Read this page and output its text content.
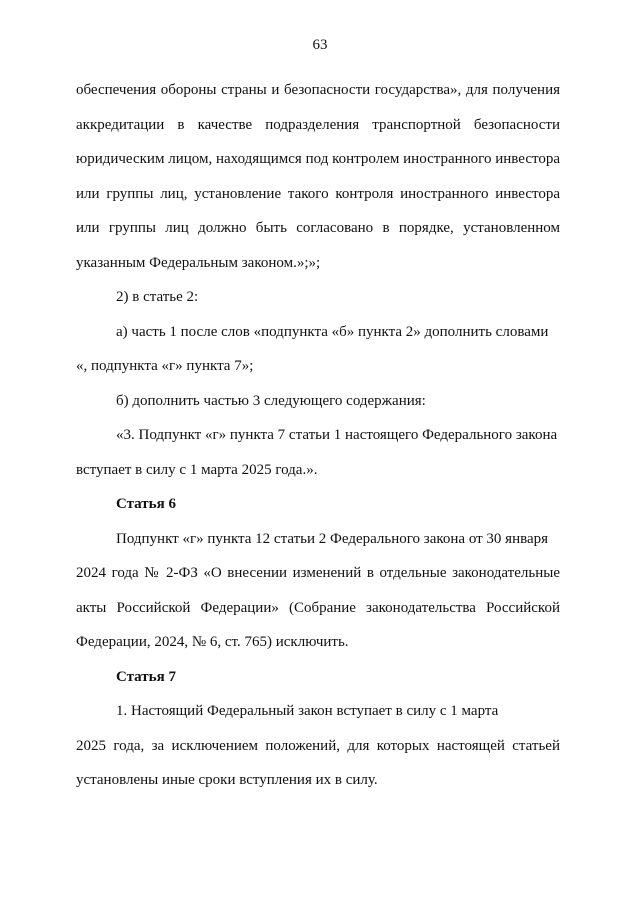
63

обеспечения обороны страны и безопасности государства», для получения
аккредитации в качестве подразделения транспортной безопасности
юридическим лицом, находящимся под контролем иностранного инвестора
или группы лиц, установление такого контроля иностранного инвестора
или группы лиц должно быть согласовано в порядке, установленном
указанным Федеральным законом.»;»;

2) в статье 2:

а) часть 1 после слов «подпункта «б» пункта 2» дополнить словами

«, подпункта «г» пункта 7»;

б) дополнить частью 3 следующего содержания:

«3. Подпункт «г» пункта 7 статьи 1 настоящего Федерального закона

вступает в силу с 1 марта 2025 года.».

Статья 6

Подпункт «г» пункта 12 статьи 2 Федерального закона от 30 января

2024 года № 2-ФЗ «О внесении изменений в отдельные законодательные
акты Российской Федерации» (Собрание законодательства Российской
Федерации, 2024, № 6, ст. 765) исключить.

Статья 7

1. Настоящий Федеральный закон вступает в силу с 1 марта

2025 года, за исключением положений, для которых настоящей статьей
установлены иные сроки вступления их в силу.
